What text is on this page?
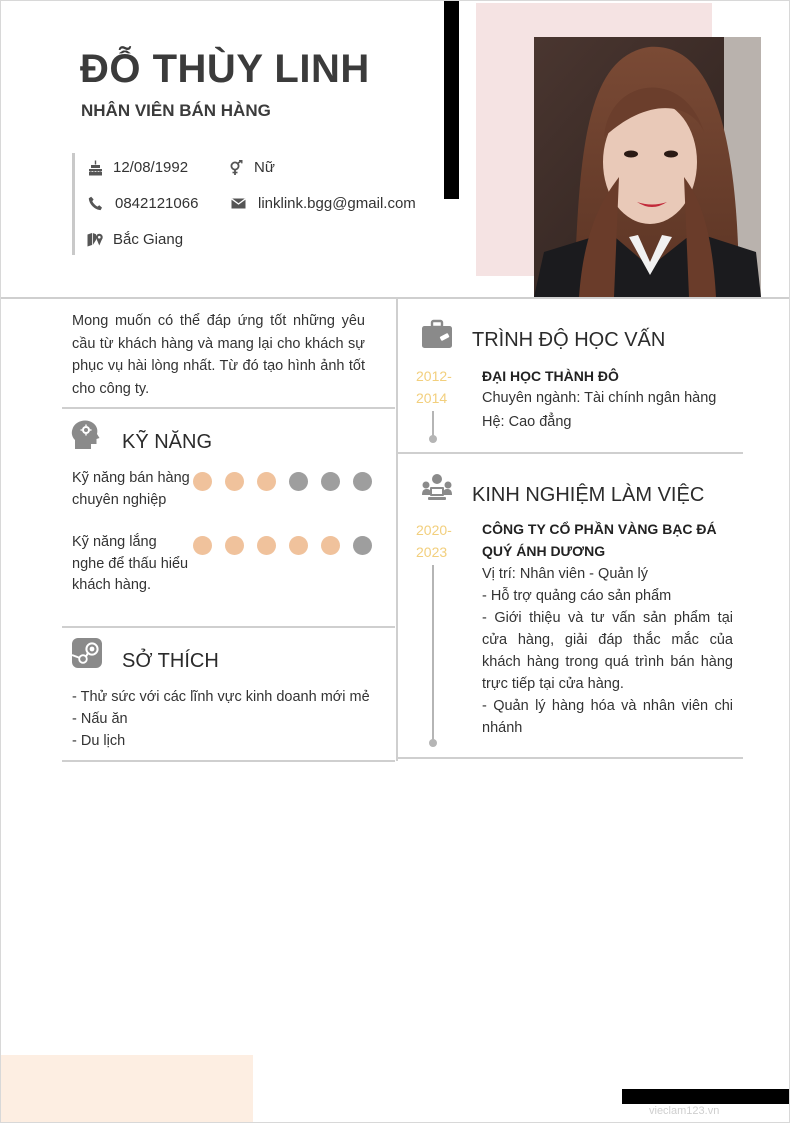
ĐỖ THÙY LINH
NHÂN VIÊN BÁN HÀNG
12/08/1992	Nữ
0842121066	linklink.bgg@gmail.com
Bắc Giang
Mong muốn có thể đáp ứng tốt những yêu cầu từ khách hàng và mang lại cho khách sự phục vụ hài lòng nhất. Từ đó tạo hình ảnh tốt cho công ty.
KỸ NĂNG
Kỹ năng bán hàng chuyên nghiệp
Kỹ năng lắng nghe để thấu hiểu khách hàng.
SỞ THÍCH
- Thử sức với các lĩnh vực kinh doanh mới mẻ
- Nấu ăn
- Du lịch
TRÌNH ĐỘ HỌC VẤN
2012-
2014
ĐẠI HỌC THÀNH ĐÔ
Chuyên ngành: Tài chính ngân hàng
Hệ: Cao đẳng
KINH NGHIỆM LÀM VIỆC
2020-
2023
CÔNG TY CỔ PHẦN VÀNG BẠC ĐÁ
QUÝ ÁNH DƯƠNG
Vị trí: Nhân viên - Quản lý
- Hỗ trợ quảng cáo sản phẩm
- Giới thiệu và tư vấn sản phẩm tại cửa hàng, giải đáp thắc mắc của khách hàng trong quá trình bán hàng trực tiếp tại cửa hàng.
- Quản lý hàng hóa và nhân viên chi nhánh
vieclam123.vn
